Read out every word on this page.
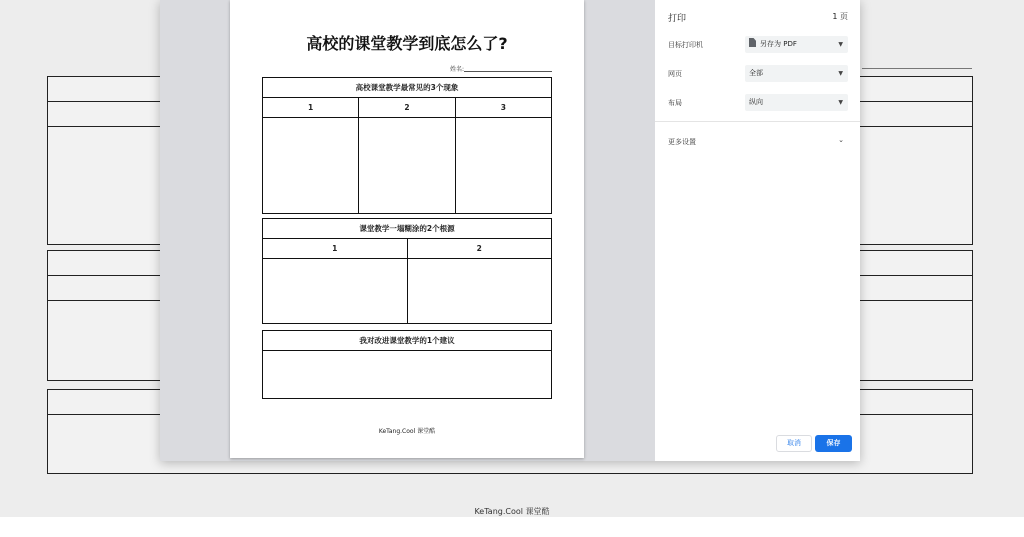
KeTang.Cool 课堂酷
高校的课堂教学到底怎么了?
姓名:
高校课堂教学最常见的3个现象
1	2	3
课堂教学一塌糊涂的2个根源
1	2
我对改进课堂教学的1个建议
KeTang.Cool 课堂酷
打印	1 页
目标打印机	另存为 PDF	▼
网页	全部	▼
布局	纵向	▼
更多设置	⌄
取消	保存
